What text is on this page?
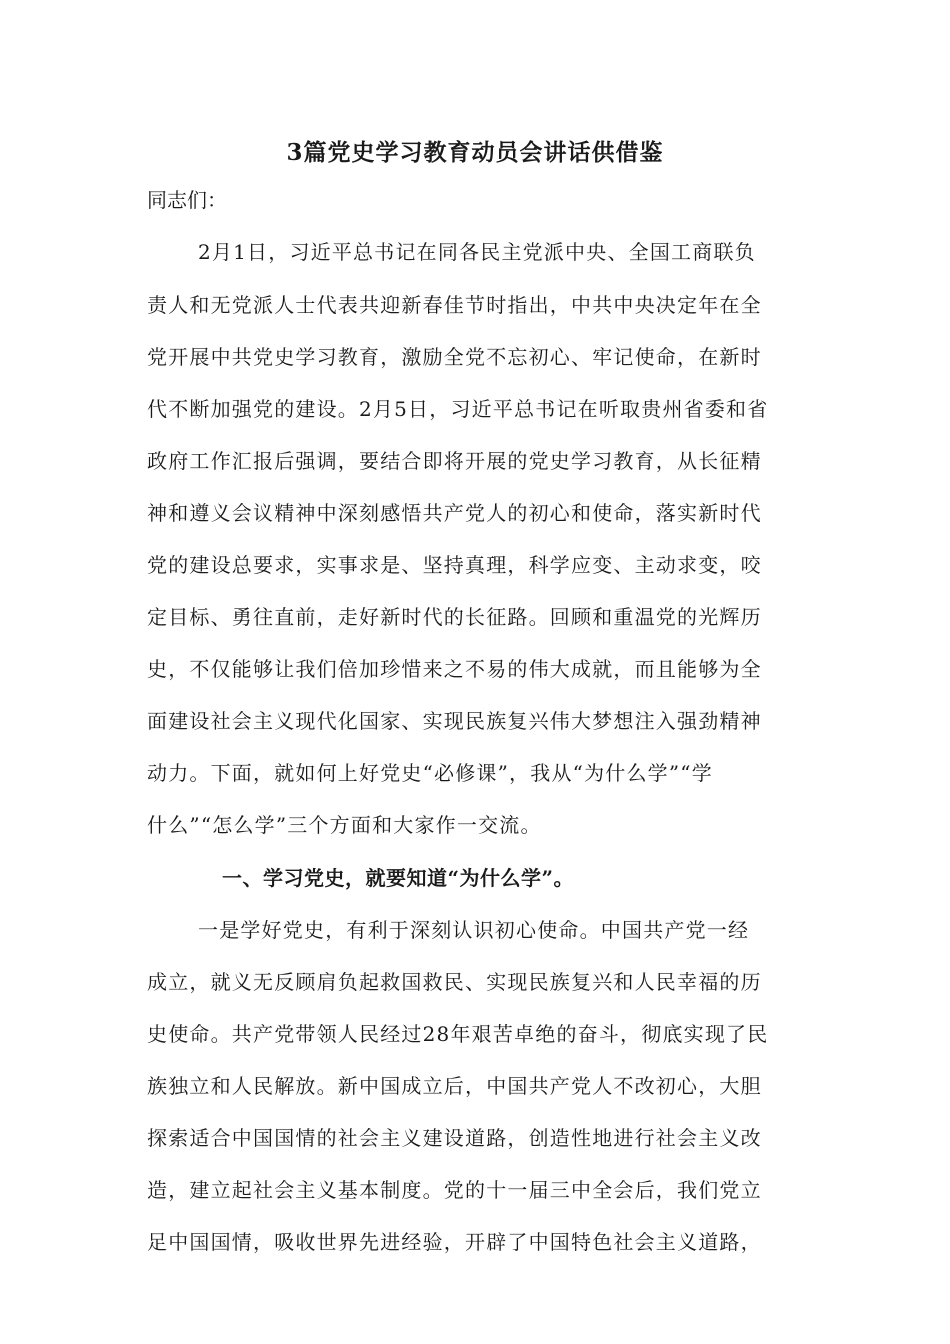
3篇党史学习教育动员会讲话供借鉴
同志们：
2月1日，习近平总书记在同各民主党派中央、全国工商联负
责人和无党派人士代表共迎新春佳节时指出，中共中央决定年在全
党开展中共党史学习教育，激励全党不忘初心、牢记使命，在新时
代不断加强党的建设。2月5日，习近平总书记在听取贵州省委和省
政府工作汇报后强调，要结合即将开展的党史学习教育，从长征精
神和遵义会议精神中深刻感悟共产党人的初心和使命，落实新时代
党的建设总要求，实事求是、坚持真理，科学应变、主动求变，咬
定目标、勇往直前，走好新时代的长征路。回顾和重温党的光辉历
史，不仅能够让我们倍加珍惜来之不易的伟大成就，而且能够为全
面建设社会主义现代化国家、实现民族复兴伟大梦想注入强劲精神
动力。下面，就如何上好党史“必修课”，我从“为什么学”“学
什么”“怎么学”三个方面和大家作一交流。
一、学习党史，就要知道“为什么学”。
一是学好党史，有利于深刻认识初心使命。中国共产党一经
成立，就义无反顾肩负起救国救民、实现民族复兴和人民幸福的历
史使命。共产党带领人民经过28年艰苦卓绝的奋斗，彻底实现了民
族独立和人民解放。新中国成立后，中国共产党人不改初心，大胆
探索适合中国国情的社会主义建设道路，创造性地进行社会主义改
造，建立起社会主义基本制度。党的十一届三中全会后，我们党立
足中国国情，吸收世界先进经验，开辟了中国特色社会主义道路，
